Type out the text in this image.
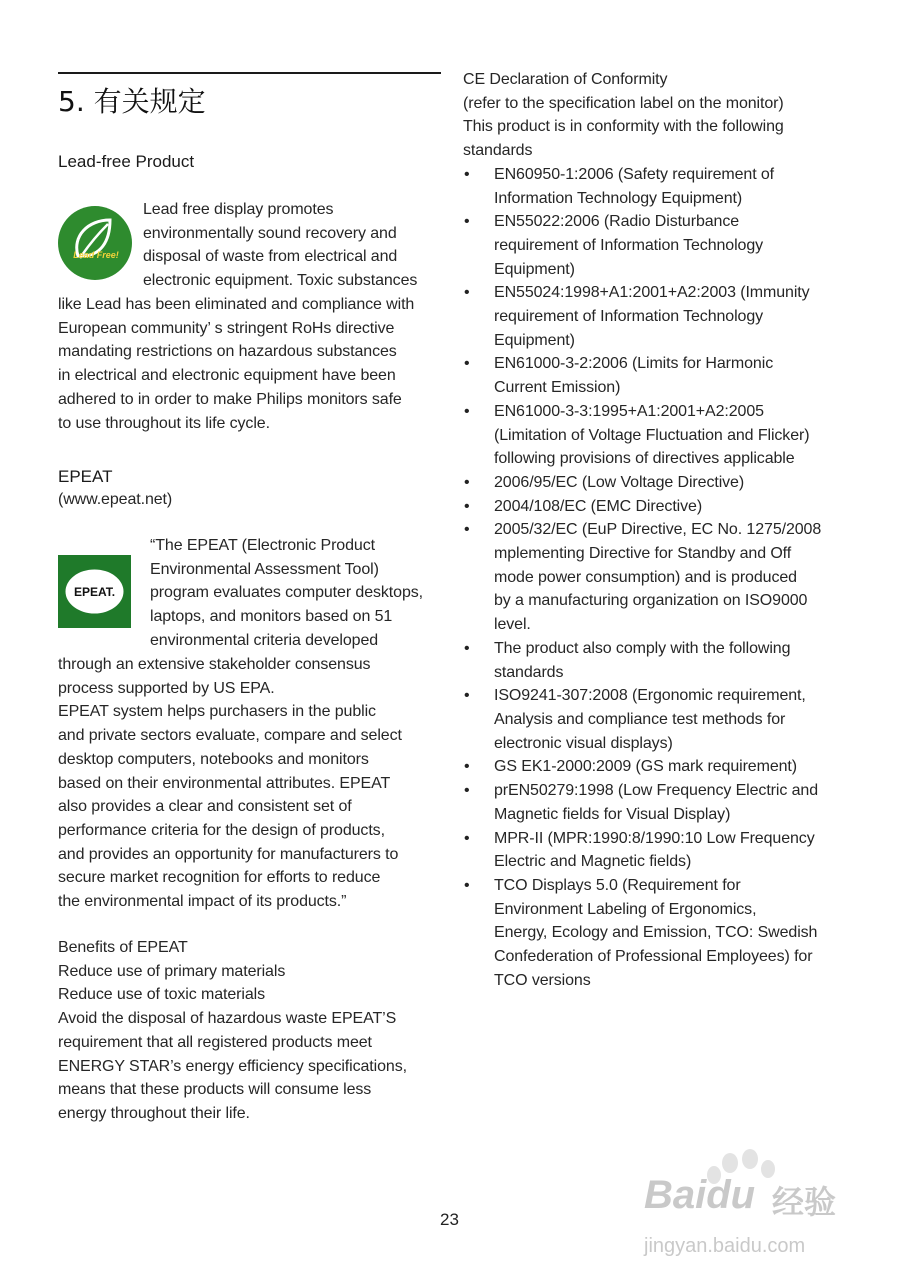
5. 有关规定
Lead-free Product
Lead Free!
Lead free display promotes
environmentally sound recovery and
disposal of waste from electrical and
electronic equipment. Toxic substances
like Lead has been eliminated and compliance with
European community’ s stringent RoHs directive
mandating restrictions on hazardous substances
in electrical and electronic equipment have been
adhered to in order to make Philips monitors safe
to use throughout its life cycle.
EPEAT
(www.epeat.net)
EPEAT.
“The EPEAT (Electronic Product
Environmental Assessment Tool)
program evaluates computer desktops,
laptops, and monitors based on 51
environmental criteria developed
through an extensive stakeholder consensus
process supported by US EPA.
EPEAT system helps purchasers in the public
and private sectors evaluate, compare and select
desktop computers, notebooks and monitors
based on their environmental attributes. EPEAT
also provides a clear and consistent set of
performance criteria for the design of products,
and provides an opportunity for manufacturers to
secure market recognition for efforts to reduce
the environmental impact of its products.”
Benefits of EPEAT
Reduce use of primary materials
Reduce use of toxic materials
Avoid the disposal of hazardous waste EPEAT’S
requirement that all registered products meet
ENERGY STAR’s energy efficiency specifications,
means that these products will consume less
energy throughout their life.
CE Declaration of Conformity
(refer to the specification label on the monitor)
This product is in conformity with the following
standards
• EN60950-1:2006 (Safety requirement of
Information Technology Equipment)
• EN55022:2006 (Radio Disturbance
requirement of Information Technology
Equipment)
• EN55024:1998+A1:2001+A2:2003 (Immunity
requirement of Information Technology
Equipment)
• EN61000-3-2:2006 (Limits for Harmonic
Current Emission)
• EN61000-3-3:1995+A1:2001+A2:2005
(Limitation of Voltage Fluctuation and Flicker)
following provisions of directives applicable
• 2006/95/EC (Low Voltage Directive)
• 2004/108/EC (EMC Directive)
• 2005/32/EC (EuP Directive, EC No. 1275/2008
mplementing Directive for Standby and Off
mode power consumption) and is produced
by a manufacturing organization on ISO9000
level.
• The product also comply with the following
standards
• ISO9241-307:2008 (Ergonomic requirement,
Analysis and compliance test methods for
electronic visual displays)
• GS EK1-2000:2009 (GS mark requirement)
• prEN50279:1998 (Low Frequency Electric and
Magnetic fields for Visual Display)
• MPR-II (MPR:1990:8/1990:10 Low Frequency
Electric and Magnetic fields)
• TCO Displays 5.0 (Requirement for
Environment Labeling of Ergonomics,
Energy, Ecology and Emission, TCO: Swedish
Confederation of Professional Employees) for
TCO versions
23
Baidu 经验
jingyan.baidu.com
